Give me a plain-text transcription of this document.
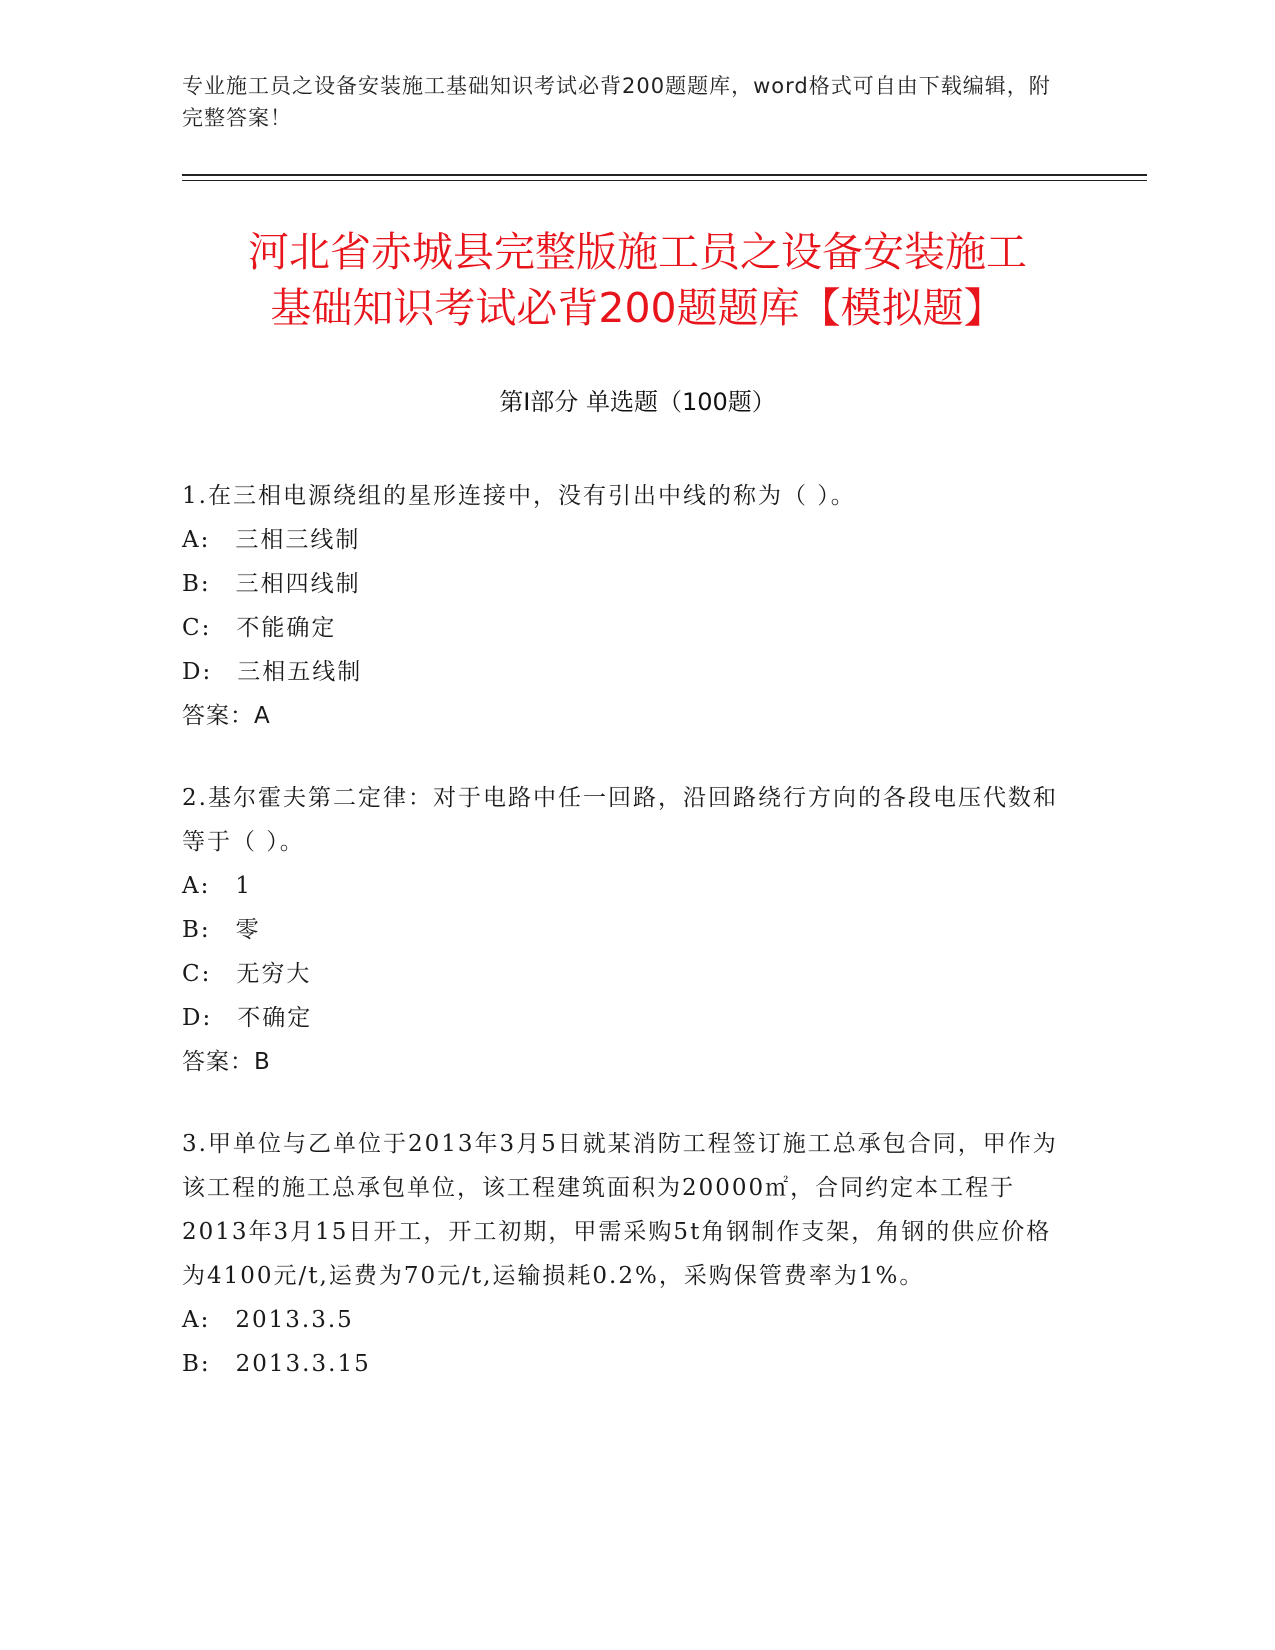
专业施工员之设备安装施工基础知识考试必背200题题库，word格式可自由下载编辑，附完整答案！
河北省赤城县完整版施工员之设备安装施工
基础知识考试必背200题题库【模拟题】
第I部分 单选题（100题）
1.在三相电源绕组的星形连接中，没有引出中线的称为（ ）。
A:　三相三线制
B:　三相四线制
C:　不能确定
D:　三相五线制
答案：A
2.基尔霍夫第二定律：对于电路中任一回路，沿回路绕行方向的各段电压代数和等于（ ）。
A:　1
B:　零
C:　无穷大
D:　不确定
答案：B
3.甲单位与乙单位于2013年3月5日就某消防工程签订施工总承包合同，甲作为该工程的施工总承包单位，该工程建筑面积为20000㎡，合同约定本工程于2013年3月15日开工，开工初期，甲需采购5t角钢制作支架，角钢的供应价格为4100元/t,运费为70元/t,运输损耗0.2%，采购保管费率为1%。
A:　2013.3.5
B:　2013.3.15
